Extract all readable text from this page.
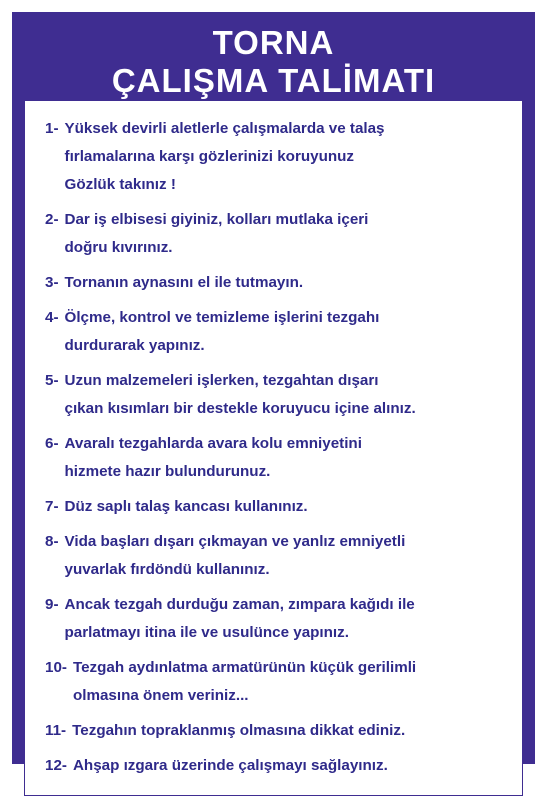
TORNA
ÇALIŞMA TALİMATI
1- Yüksek devirli aletlerle çalışmalarda ve talaş
fırlamalarına karşı gözlerinizi koruyunuz
Gözlük takınız !
2- Dar iş elbisesi giyiniz, kolları mutlaka içeri
doğru kıvırınız.
3- Tornanın aynasını el ile tutmayın.
4- Ölçme, kontrol ve temizleme işlerini tezgahı
durdurarak yapınız.
5- Uzun malzemeleri işlerken, tezgahtan dışarı
çıkan kısımları bir destekle koruyucu içine alınız.
6- Avaralı tezgahlarda avara kolu emniyetini
hizmete hazır bulundurunuz.
7- Düz saplı talaş kancası kullanınız.
8- Vida başları dışarı çıkmayan ve yanlız emniyetli
yuvarlak fırdöndü kullanınız.
9- Ancak tezgah durduğu zaman, zımpara kağıdı ile
parlatmayı itina ile ve usulünce yapınız.
10- Tezgah aydınlatma armatürünün küçük gerilimli
olmasına önem veriniz...
11- Tezgahın topraklanmış olmasına dikkat ediniz.
12- Ahşap ızgara üzerinde çalışmayı sağlayınız.
